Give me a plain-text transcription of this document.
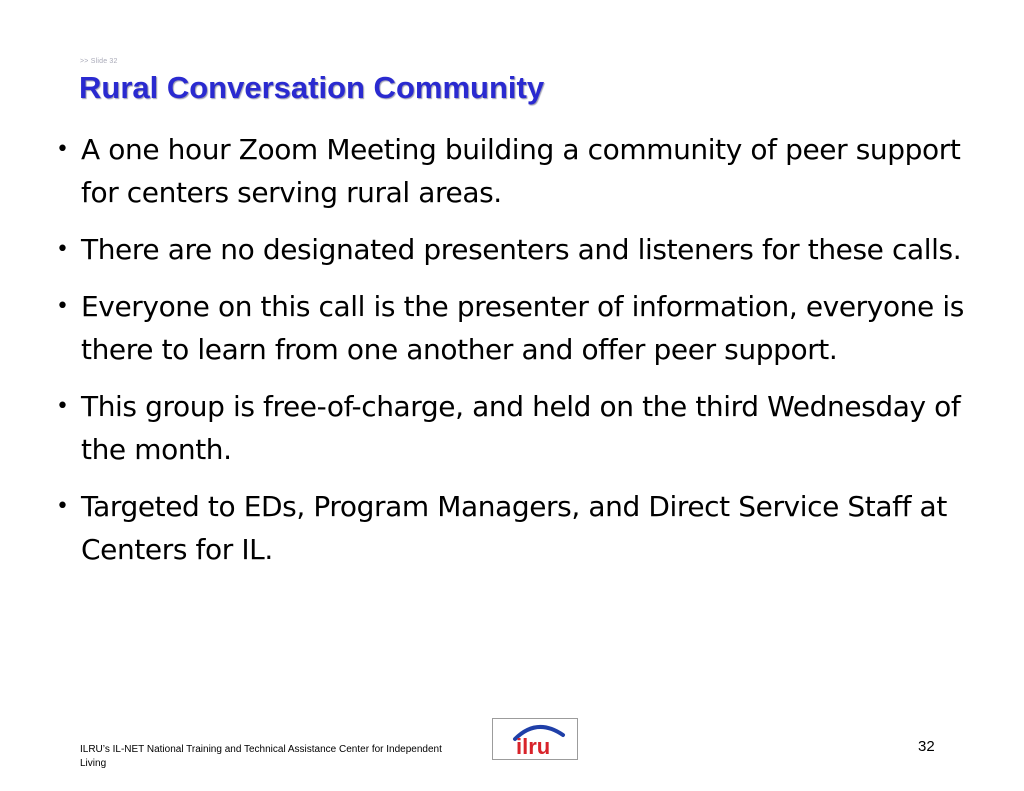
>> Slide 32
Rural Conversation Community
• A one hour Zoom Meeting building a community of peer support for centers serving rural areas.
• There are no designated presenters and listeners for these calls.
• Everyone on this call is the presenter of information, everyone is there to learn from one another and offer peer support.
• This group is free-of-charge, and held on the third Wednesday of the month.
• Targeted to EDs, Program Managers, and Direct Service Staff at Centers for IL.
ILRU’s IL-NET National Training and Technical Assistance Center for Independent Living
ilru	32
